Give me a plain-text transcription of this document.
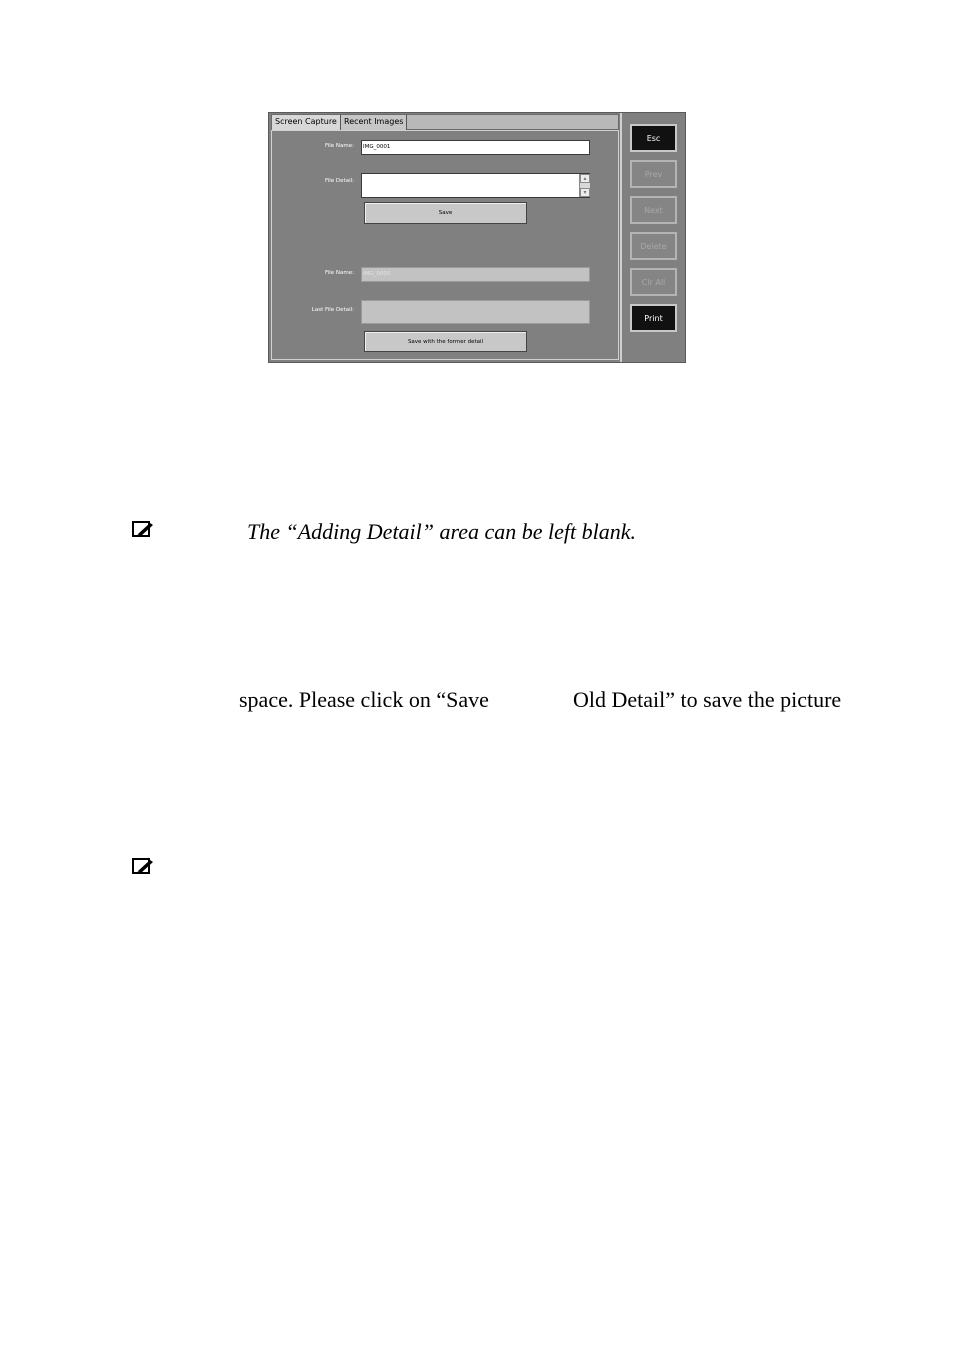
Screen Capture Recent Images
File Name:	IMG_0001
File Detail:	▴
▾
Save
File Name:	IMG_0000
Last File Detail:
Save with the former detail
Esc
Prev
Next
Delete
Clr All
Print
The “Adding Detail” area can be left blank.
space. Please click on “Save	Old Detail” to save the picture
